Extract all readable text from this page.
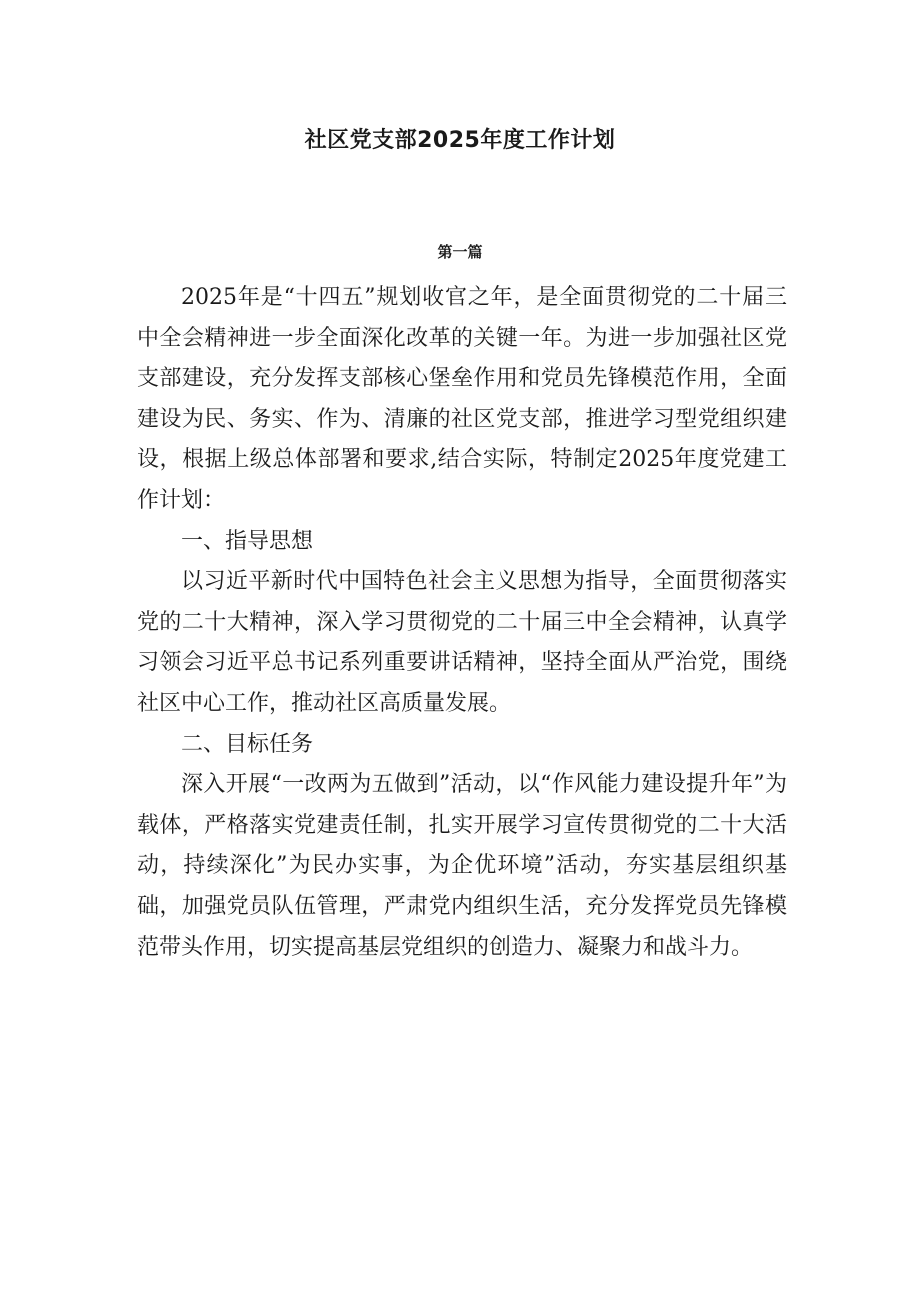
社区党支部2025年度工作计划
第一篇

2025年是“十四五”规划收官之年，是全面贯彻党的二十届三中全会精神进一步全面深化改革的关键一年。为进一步加强社区党支部建设，充分发挥支部核心堡垒作用和党员先锋模范作用，全面建设为民、务实、作为、清廉的社区党支部，推进学习型党组织建设，根据上级总体部署和要求,结合实际，特制定2025年度党建工作计划：

一、指导思想

以习近平新时代中国特色社会主义思想为指导，全面贯彻落实党的二十大精神，深入学习贯彻党的二十届三中全会精神，认真学习领会习近平总书记系列重要讲话精神，坚持全面从严治党，围绕社区中心工作，推动社区高质量发展。

二、目标任务

深入开展“一改两为五做到”活动，以“作风能力建设提升年”为载体，严格落实党建责任制，扎实开展学习宣传贯彻党的二十大活动，持续深化”为民办实事，为企优环境”活动，夯实基层组织基础，加强党员队伍管理，严肃党内组织生活，充分发挥党员先锋模范带头作用，切实提高基层党组织的创造力、凝聚力和战斗力。
